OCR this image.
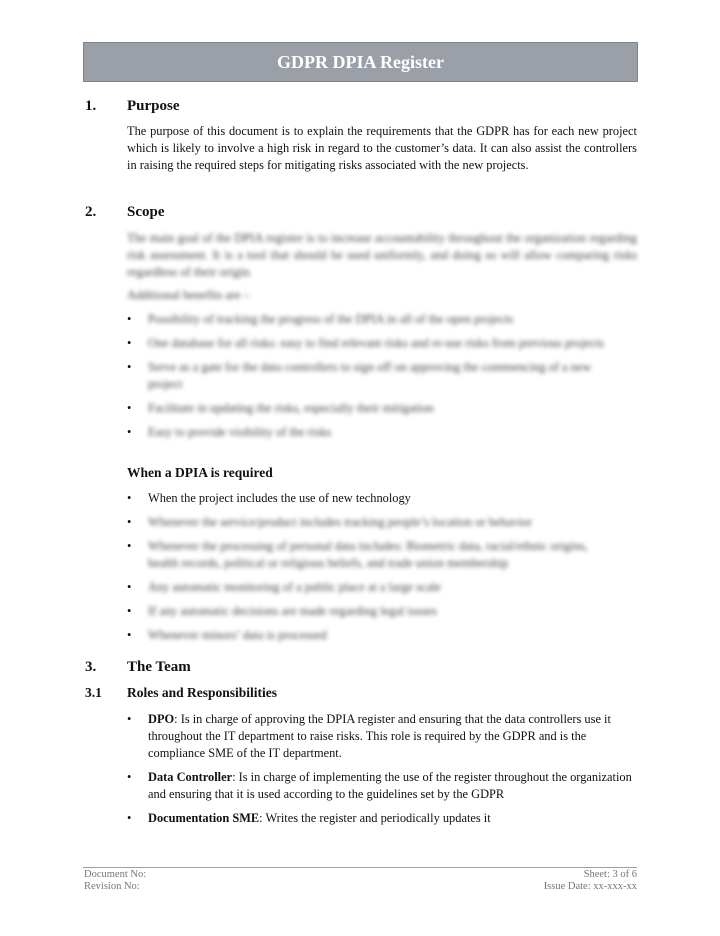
GDPR DPIA Register
1. Purpose
The purpose of this document is to explain the requirements that the GDPR has for each new project which is likely to involve a high risk in regard to the customer’s data. It can also assist the controllers in raising the required steps for mitigating risks associated with the new projects.
2. Scope
The main goal of the DPIA register is to increase accountability throughout the organization regarding risk assessment. It is a tool that should be used uniformly, and doing so will allow comparing risks regardless of their origin.
Additional benefits are –
• Possibility of tracking the progress of the DPIA in all of the open projects
• One database for all risks: easy to find relevant risks and re-use risks from previous projects
• Serve as a gate for the data controllers to sign off on approving the commencing of a new project
• Facilitate in updating the risks, especially their mitigation
• Easy to provide visibility of the risks
When a DPIA is required
• When the project includes the use of new technology
• Whenever the service/product includes tracking people’s location or behavior
• Whenever the processing of personal data includes: Biometric data, racial/ethnic origins, health records, political or religious beliefs, and trade union membership
• Any automatic monitoring of a public place at a large scale
• If any automatic decisions are made regarding legal issues
• Whenever minors’ data is processed
3. The Team
3.1 Roles and Responsibilities
• DPO: Is in charge of approving the DPIA register and ensuring that the data controllers use it throughout the IT department to raise risks. This role is required by the GDPR and is the compliance SME of the IT department.
• Data Controller: Is in charge of implementing the use of the register throughout the organization and ensuring that it is used according to the guidelines set by the GDPR
• Documentation SME: Writes the register and periodically updates it
Document No:
Revision No:
Sheet: 3 of 6
Issue Date: xx-xxx-xx
